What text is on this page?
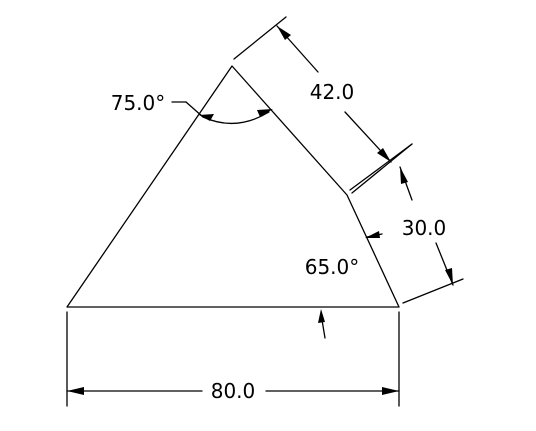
80.0
42.0
30.0
75.0°
65.0°
